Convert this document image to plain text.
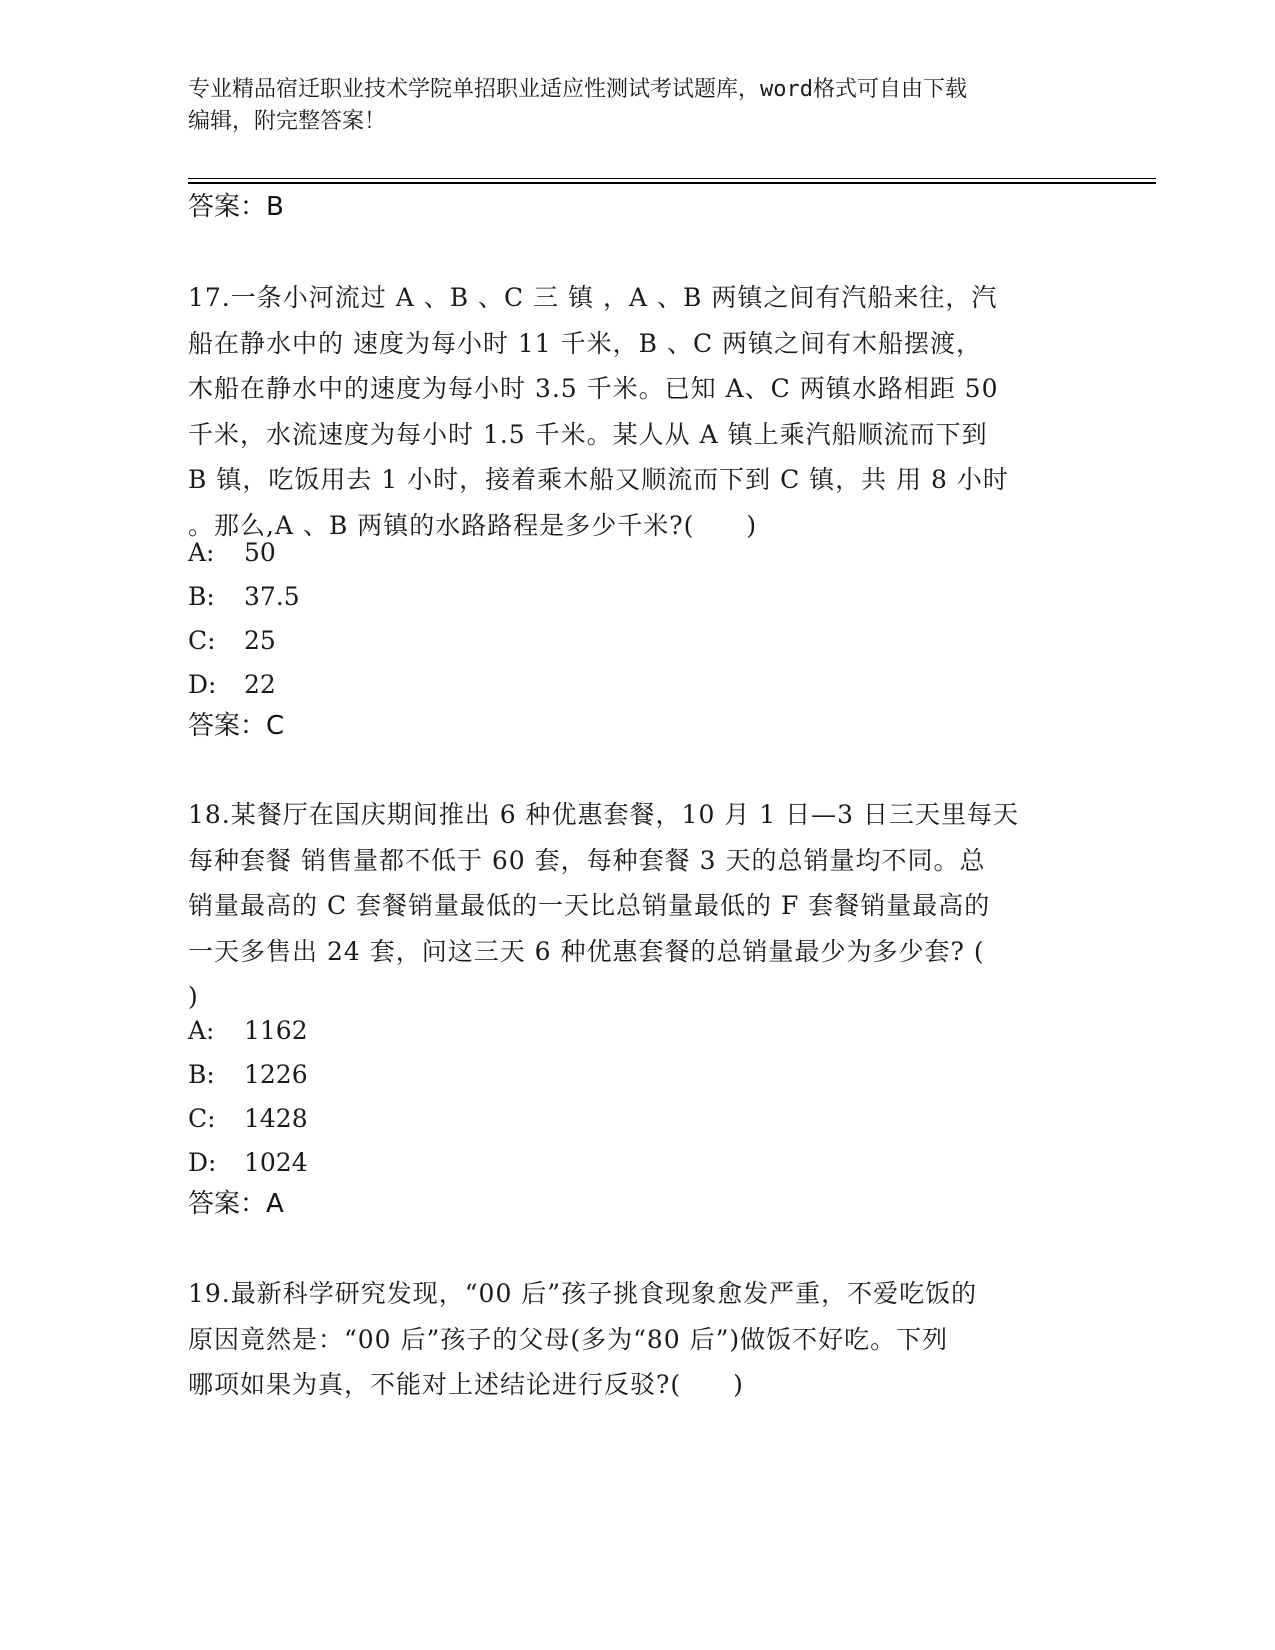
专业精品宿迁职业技术学院单招职业适应性测试考试题库，word格式可自由下载
编辑，附完整答案！
答案：B
17.一条小河流过 A 、B 、C 三 镇 ，A 、B 两镇之间有汽船来往，汽
船在静水中的 速度为每小时 11 千米，B 、C 两镇之间有木船摆渡，
木船在静水中的速度为每小时 3.5 千米。已知 A、C 两镇水路相距 50
千米，水流速度为每小时 1.5 千米。某人从 A 镇上乘汽船顺流而下到
B 镇，吃饭用去 1 小时，接着乘木船又顺流而下到 C 镇，共 用 8 小时
。那么,A 、B 两镇的水路路程是多少千米?(　　)
A: 50
B: 37.5
C: 25
D: 22
答案：C
18.某餐厅在国庆期间推出 6 种优惠套餐，10 月 1 日—3 日三天里每天
每种套餐 销售量都不低于 60 套，每种套餐 3 天的总销量均不同。总
销量最高的 C 套餐销量最低的一天比总销量最低的 F 套餐销量最高的
一天多售出 24 套，问这三天 6 种优惠套餐的总销量最少为多少套? (
)
A: 1162
B: 1226
C: 1428
D: 1024
答案：A
19.最新科学研究发现，“00 后”孩子挑食现象愈发严重，不爱吃饭的
原因竟然是：“00 后”孩子的父母(多为“80 后”)做饭不好吃。下列
哪项如果为真，不能对上述结论进行反驳?(　　)
